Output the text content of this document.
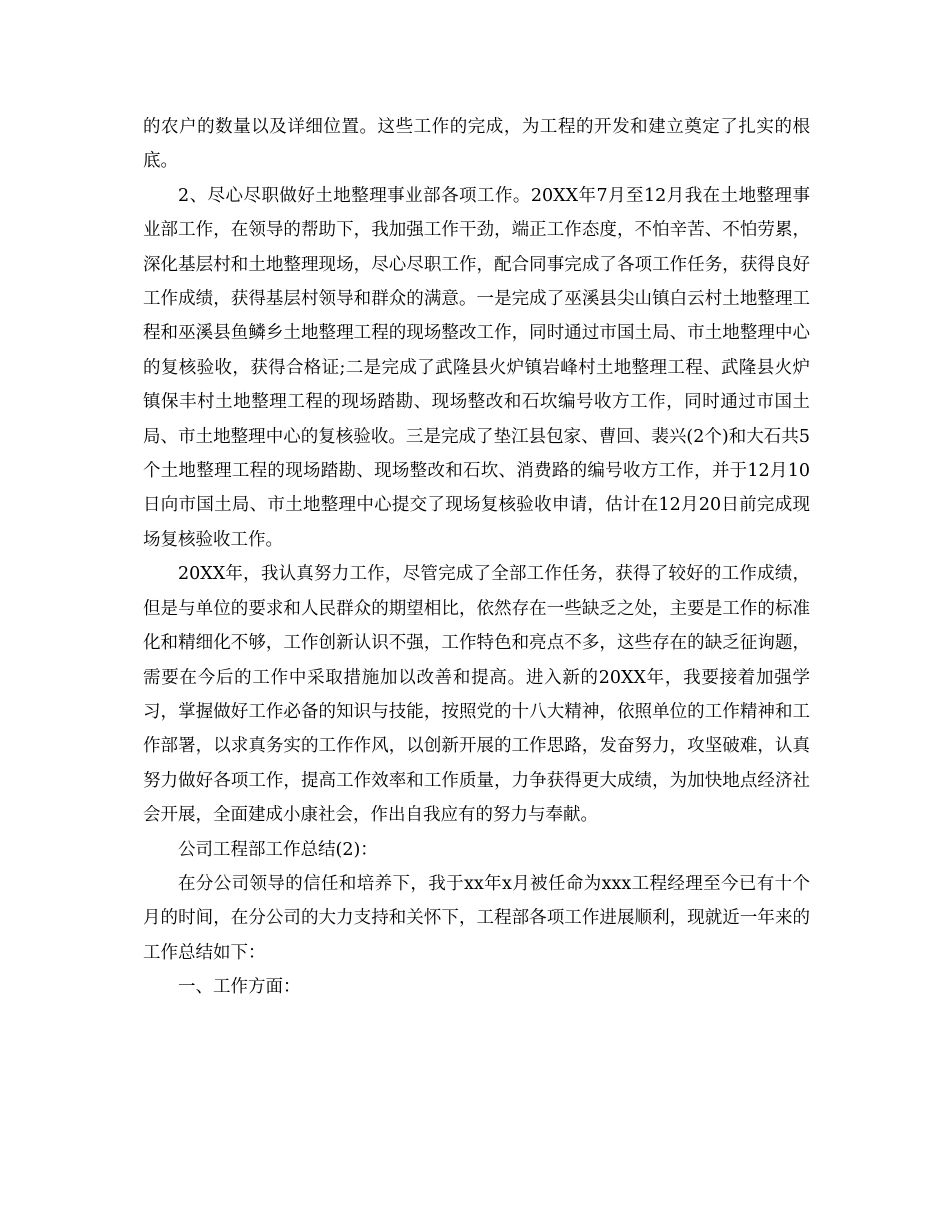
的农户的数量以及详细位置。这些工作的完成，为工程的开发和建立奠定了扎实的根底。

2、尽心尽职做好土地整理事业部各项工作。20XX年7月至12月我在土地整理事业部工作，在领导的帮助下，我加强工作干劲，端正工作态度，不怕辛苦、不怕劳累，深化基层村和土地整理现场，尽心尽职工作，配合同事完成了各项工作任务，获得良好工作成绩，获得基层村领导和群众的满意。一是完成了巫溪县尖山镇白云村土地整理工程和巫溪县鱼鳞乡土地整理工程的现场整改工作，同时通过市国土局、市土地整理中心的复核验收，获得合格证;二是完成了武隆县火炉镇岩峰村土地整理工程、武隆县火炉镇保丰村土地整理工程的现场踏勘、现场整改和石坎编号收方工作，同时通过市国土局、市土地整理中心的复核验收。三是完成了垫江县包家、曹回、裴兴(2个)和大石共5个土地整理工程的现场踏勘、现场整改和石坎、消费路的编号收方工作，并于12月10日向市国土局、市土地整理中心提交了现场复核验收申请，估计在12月20日前完成现场复核验收工作。

20XX年，我认真努力工作，尽管完成了全部工作任务，获得了较好的工作成绩，但是与单位的要求和人民群众的期望相比，依然存在一些缺乏之处，主要是工作的标准化和精细化不够，工作创新认识不强，工作特色和亮点不多，这些存在的缺乏征询题，需要在今后的工作中采取措施加以改善和提高。进入新的20XX年，我要接着加强学习，掌握做好工作必备的知识与技能，按照党的十八大精神，依照单位的工作精神和工作部署，以求真务实的工作作风，以创新开展的工作思路，发奋努力，攻坚破难，认真努力做好各项工作，提高工作效率和工作质量，力争获得更大成绩，为加快地点经济社会开展，全面建成小康社会，作出自我应有的努力与奉献。

公司工程部工作总结(2)：

在分公司领导的信任和培养下，我于xx年x月被任命为xxx工程经理至今已有十个月的时间，在分公司的大力支持和关怀下，工程部各项工作进展顺利，现就近一年来的工作总结如下：

一、工作方面：
